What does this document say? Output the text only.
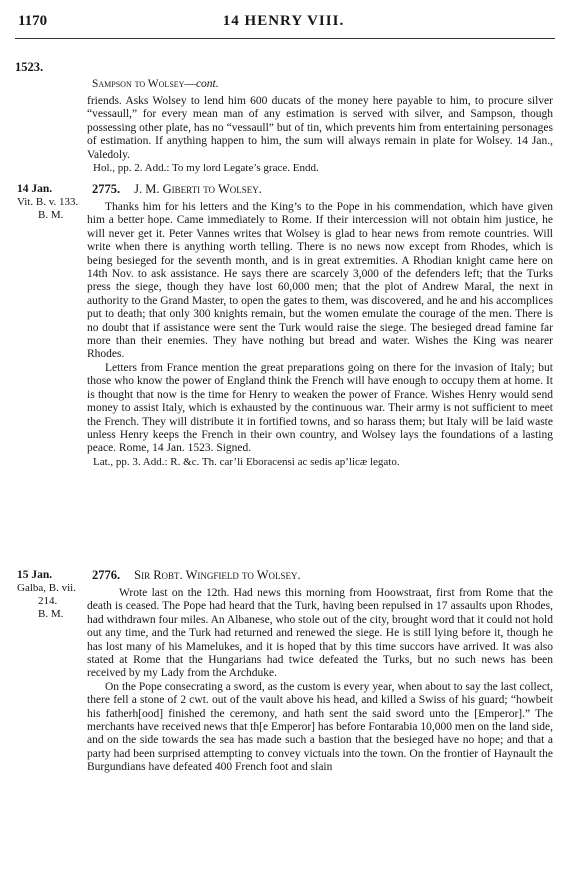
1170	14 HENRY VIII.
1523.
Sampson to Wolsey—cont.

friends. Asks Wolsey to lend him 600 ducats of the money here payable to him, to procure silver “vessaull,” for every mean man of any estimation is served with silver, and Sampson, though possessing other plate, has no “vessaull” but of tin, which prevents him from entertaining personages of estimation. If anything happen to him, the sum will always remain in plate for Wolsey. 14 Jan., Valedoly.

Hol., pp. 2. Add.: To my lord Legate’s grace. Endd.

14 Jan.
Vit. B. v. 133.
B. M.
2775. J. M. Giberti to Wolsey.

Thanks him for his letters and the King’s to the Pope in his commendation, which have given him a better hope. Came immediately to Rome. If their intercession will not obtain him justice, he will never get it. Peter Vannes writes that Wolsey is glad to hear news from remote countries. Will write when there is anything worth telling. There is no news now except from Rhodes, which is being besieged for the seventh month, and is in great extremities. A Rhodian knight came here on 14th Nov. to ask assistance. He says there are scarcely 3,000 of the defenders left; that the Turks press the siege, though they have lost 60,000 men; that the plot of Andrew Maral, the next in authority to the Grand Master, to open the gates to them, was discovered, and he and his accomplices put to death; that only 300 knights remain, but the women emulate the courage of the men. There is no doubt that if assistance were sent the Turk would raise the siege. The besieged dread famine far more than their enemies. They have nothing but bread and water. Wishes the King was nearer Rhodes.

Letters from France mention the great preparations going on there for the invasion of Italy; but those who know the power of England think the French will have enough to occupy them at home. It is thought that now is the time for Henry to weaken the power of France. Wishes Henry would send money to assist Italy, which is exhausted by the continuous war. Their army is not sufficient to meet the French. They will distribute it in fortified towns, and so harass them; but Italy will be laid waste unless Henry keeps the French in their own country, and Wolsey lays the foundations of a lasting peace. Rome, 14 Jan. 1523. Signed.

Lat., pp. 3. Add.: R. &c. Th. car’li Eboracensi ac sedis ap’licæ legato.

15 Jan.
Galba, B. vii.
214.
B. M.
2776. Sir Robt. Wingfield to Wolsey.

Wrote last on the 12th. Had news this morning from Hoowstraat, first from Rome that the death is ceased. The Pope had heard that the Turk, having been repulsed in 17 assaults upon Rhodes, had withdrawn four miles. An Albanese, who stole out of the city, brought word that it could not hold out any time, and the Turk had returned and renewed the siege. He is still lying before it, though he has lost many of his Mamelukes, and it is hoped that by this time succors have arrived. It was also stated at Rome that the Hungarians had twice defeated the Turks, but no such news has been received by my Lady from the Archduke.

On the Pope consecrating a sword, as the custom is every year, when about to say the last collect, there fell a stone of 2 cwt. out of the vault above his head, and killed a Swiss of his guard; “howbeit his fatherh[ood] finished the ceremony, and hath sent the said sword unto the [Emperor].” The merchants have received news that th[e Emperor] has before Fontarabia 10,000 men on the land side, and on the side towards the sea has made such a bastion that the besieged have no hope; and that a party had been surprised attempting to convey victuals into the town. On the frontier of Haynault the Burgundians have defeated 400 French foot and slain
